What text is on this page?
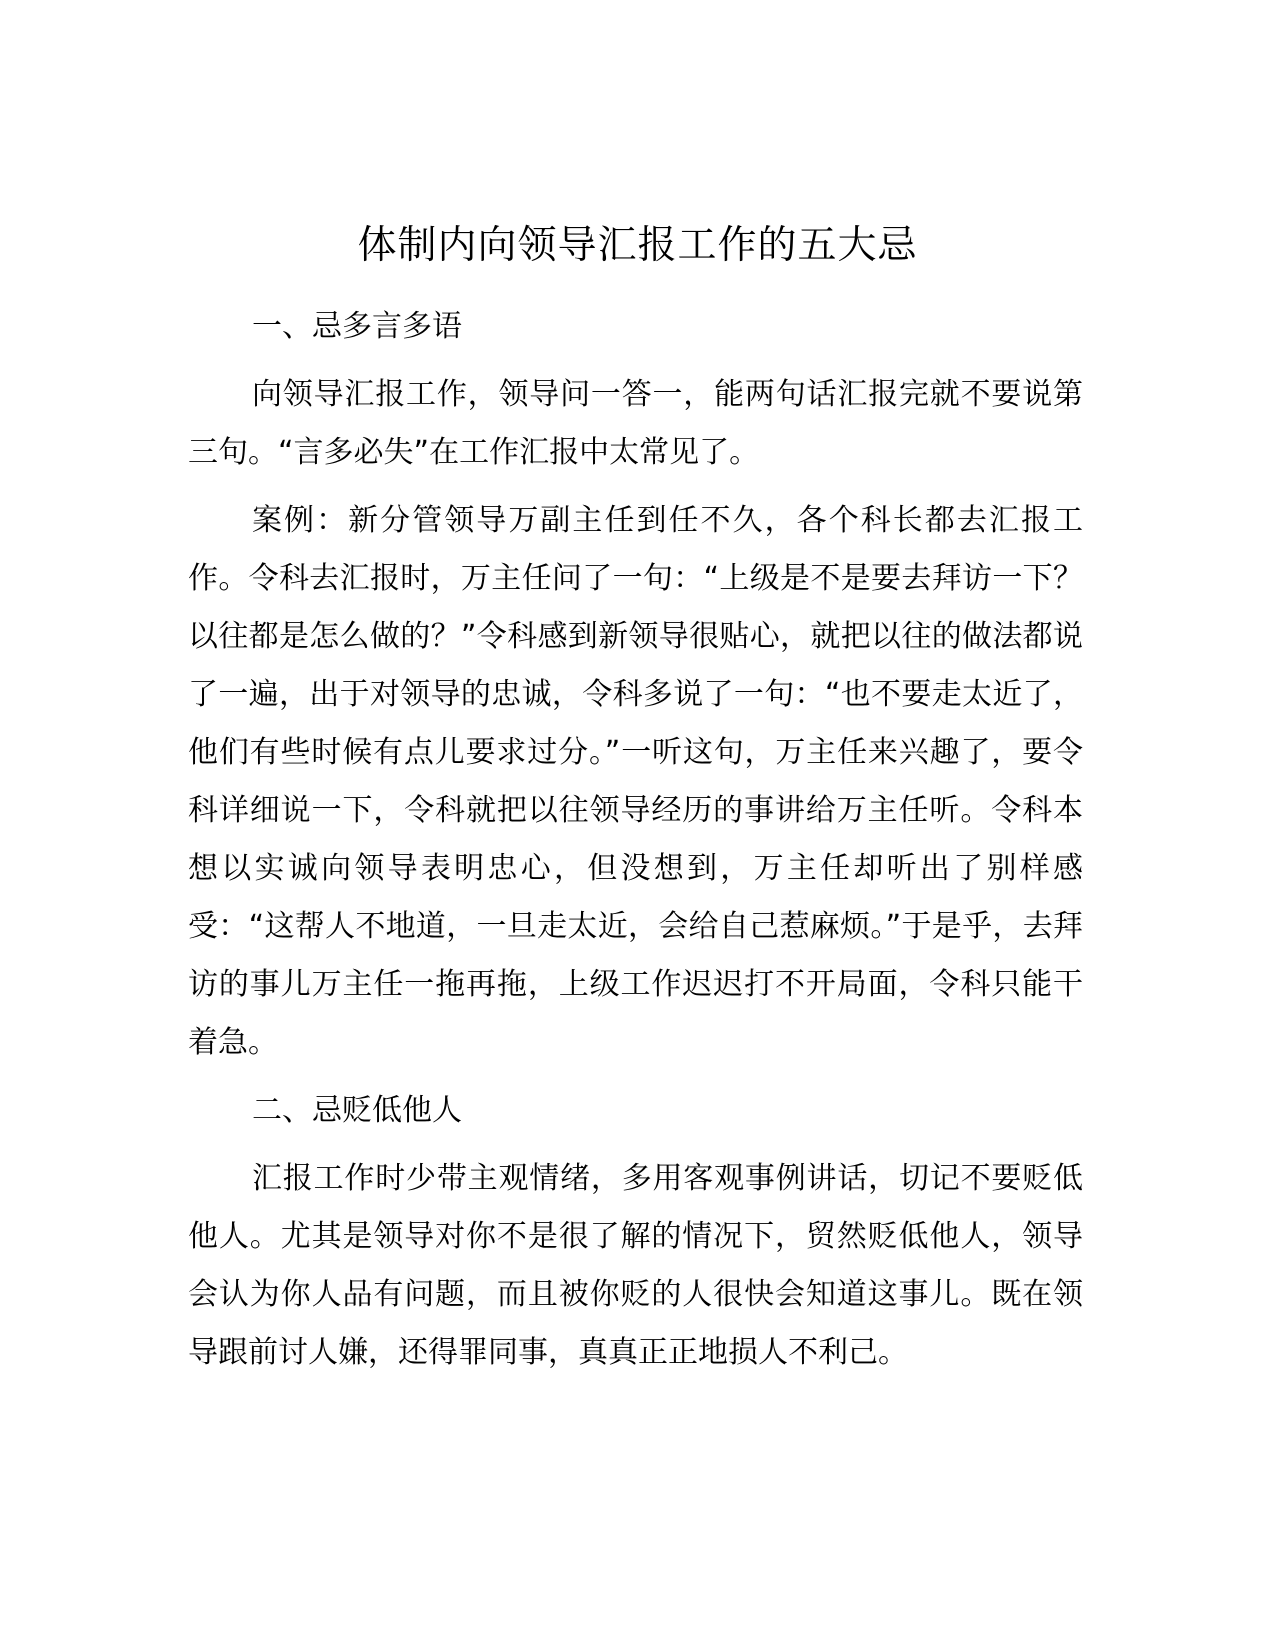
体制内向领导汇报工作的五大忌

一、忌多言多语

向领导汇报工作，领导问一答一，能两句话汇报完就不要说第三句。“言多必失”在工作汇报中太常见了。

案例：新分管领导万副主任到任不久，各个科长都去汇报工作。令科去汇报时，万主任问了一句：“上级是不是要去拜访一下？以往都是怎么做的？”令科感到新领导很贴心，就把以往的做法都说了一遍，出于对领导的忠诚，令科多说了一句：“也不要走太近了，他们有些时候有点儿要求过分。”一听这句，万主任来兴趣了，要令科详细说一下，令科就把以往领导经历的事讲给万主任听。令科本想以实诚向领导表明忠心，但没想到，万主任却听出了别样感受：“这帮人不地道，一旦走太近，会给自己惹麻烦。”于是乎，去拜访的事儿万主任一拖再拖，上级工作迟迟打不开局面，令科只能干着急。

二、忌贬低他人

汇报工作时少带主观情绪，多用客观事例讲话，切记不要贬低他人。尤其是领导对你不是很了解的情况下，贸然贬低他人，领导会认为你人品有问题，而且被你贬的人很快会知道这事儿。既在领导跟前讨人嫌，还得罪同事，真真正正地损人不利己。
